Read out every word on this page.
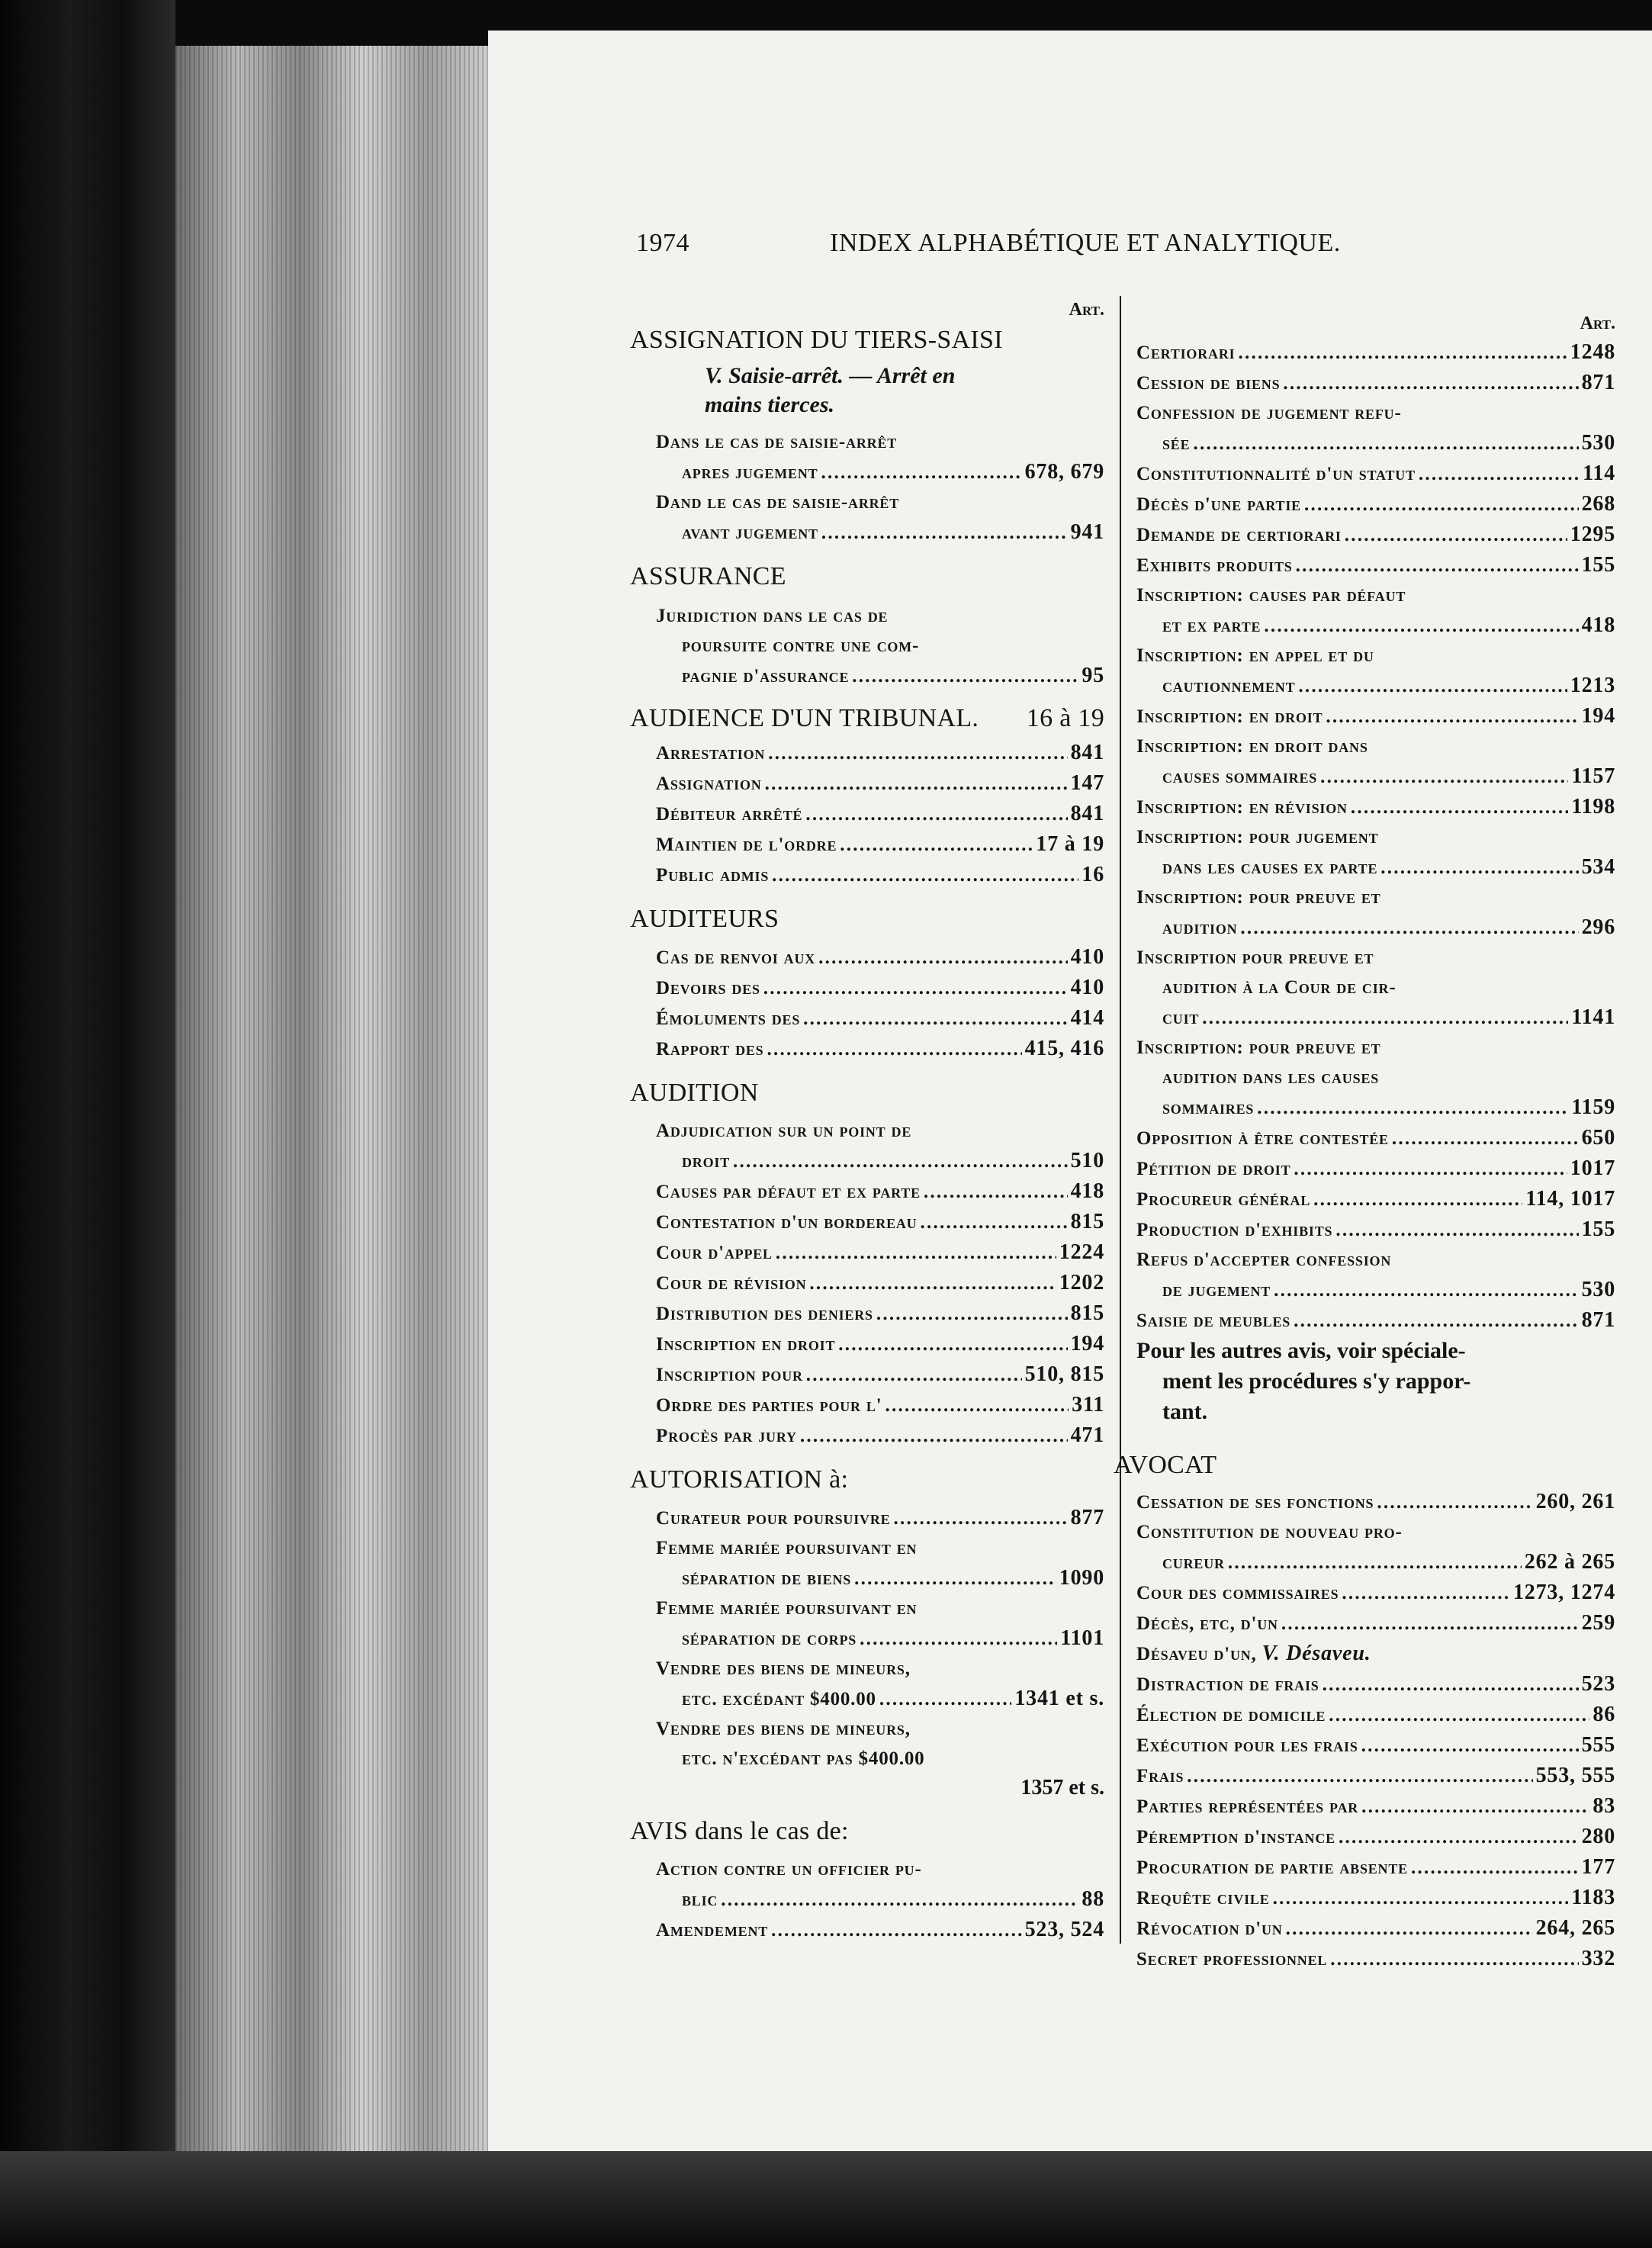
1974	INDEX ALPHABÉTIQUE ET ANALYTIQUE.
Art.
ASSIGNATION DU TIERS-SAISI
V. Saisie-arrêt. — Arrêt en
mains tierces.
Dans le cas de saisie-arrêt
apres jugement . . .	678, 679
Dand le cas de saisie-arrêt
avant jugement . . .	941
ASSURANCE
Juridiction dans le cas de
poursuite contre une com-
pagnie d'assurance . . .	95
AUDIENCE D'UN TRIBUNAL. 16 à 19
Arrestation . . .	841
Assignation . . .	147
Débiteur arrêté . . .	841
Maintien de l'ordre . . .	17 à 19
Public admis . . .	16
AUDITEURS
Cas de renvoi aux . . .	410
Devoirs des . . .	410
Émoluments des . . .	414
Rapport des . . .	415, 416
AUDITION
Adjudication sur un point de
droit . . .	510
Causes par défaut et ex parte . . .	418
Contestation d'un bordereau . . .	815
Cour d'appel . . .	1224
Cour de révision . . .	1202
Distribution des deniers . . .	815
Inscription en droit . . .	194
Inscription pour . . .	510, 815
Ordre des parties pour l' . . .	311
Procès par jury . . .	471
AUTORISATION à:
Curateur pour poursuivre . . .	877
Femme mariée poursuivant en
séparation de biens . . .	1090
Femme mariée poursuivant en
séparation de corps . . .	1101
Vendre des biens de mineurs,
etc. excédant $400.00 . . .	1341 et s.
Vendre des biens de mineurs,
etc. n'excédant pas $400.00
1357 et s.
AVIS dans le cas de:
Action contre un officier pu-
blic . . .	88
Amendement . . .	523, 524
Art.
Certiorari . . .	1248
Cession de biens . . .	871
Confession de jugement refu-
sée . . .	530
Constitutionnalité d'un statut . . .	114
Décès d'une partie . . .	268
Demande de certiorari . . .	1295
Exhibits produits . . .	155
Inscription: causes par défaut
et ex parte . . .	418
Inscription: en appel et du
cautionnement . . .	1213
Inscription: en droit . . .	194
Inscription: en droit dans
causes sommaires . . .	1157
Inscription: en révision . . .	1198
Inscription: pour jugement
dans les causes ex parte . . .	534
Inscription: pour preuve et
audition . . .	296
Inscription pour preuve et
audition à la Cour de cir-
cuit . . .	1141
Inscription: pour preuve et
audition dans les causes
sommaires . . .	1159
Opposition à être contestée . . .	650
Pétition de droit . . .	1017
Procureur général . . .	114, 1017
Production d'exhibits . . .	155
Refus d'accepter confession
de jugement . . .	530
Saisie de meubles . . .	871
Pour les autres avis, voir spéciale-
ment les procédures s'y rappor-
tant.
AVOCAT
Cessation de ses fonctions . . .	260, 261
Constitution de nouveau pro-
cureur . . .	262 à 265
Cour des commissaires . . .	1273, 1274
Décès, etc, d'un . . .	259
Désaveu d'un,
V. Désaveu.
Distraction de frais . . .	523
Élection de domicile . . .	86
Exécution pour les frais . . .	555
Frais . . .	553, 555
Parties représentées par . . .	83
Péremption d'instance . . .	280
Procuration de partie absente . . .	177
Requête civile . . .	1183
Révocation d'un . . .	264, 265
Secret professionnel . . .	332
